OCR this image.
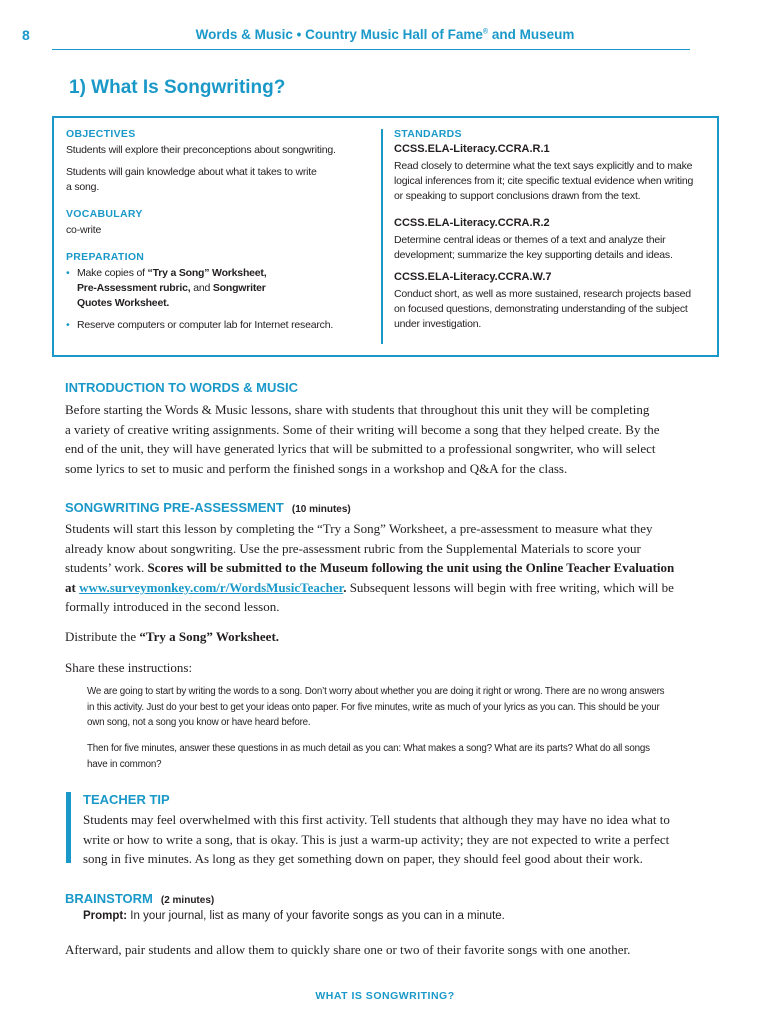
8	Words & Music • Country Music Hall of Fame® and Museum
1) What Is Songwriting?
OBJECTIVES
Students will explore their preconceptions about songwriting.
Students will gain knowledge about what it takes to write
a song.
VOCABULARY
co-write
PREPARATION
• Make copies of “Try a Song” Worksheet,
Pre-Assessment rubric, and Songwriter
Quotes Worksheet.
• Reserve computers or computer lab for Internet research.
STANDARDS
CCSS.ELA-Literacy.CCRA.R.1
Read closely to determine what the text says explicitly and to make
logical inferences from it; cite specific textual evidence when writing
or speaking to support conclusions drawn from the text.
CCSS.ELA-Literacy.CCRA.R.2
Determine central ideas or themes of a text and analyze their
development; summarize the key supporting details and ideas.
CCSS.ELA-Literacy.CCRA.W.7
Conduct short, as well as more sustained, research projects based
on focused questions, demonstrating understanding of the subject
under investigation.
INTRODUCTION TO WORDS & MUSIC
Before starting the Words & Music lessons, share with students that throughout this unit they will be completing
a variety of creative writing assignments. Some of their writing will become a song that they helped create. By the
end of the unit, they will have generated lyrics that will be submitted to a professional songwriter, who will select
some lyrics to set to music and perform the finished songs in a workshop and Q&A for the class.
SONGWRITING PRE-ASSESSMENT (10 minutes)
Students will start this lesson by completing the “Try a Song” Worksheet, a pre-assessment to measure what they
already know about songwriting. Use the pre-assessment rubric from the Supplemental Materials to score your
students’ work. Scores will be submitted to the Museum following the unit using the Online Teacher Evaluation
at www.surveymonkey.com/r/WordsMusicTeacher. Subsequent lessons will begin with free writing, which will be
formally introduced in the second lesson.
Distribute the “Try a Song” Worksheet.
Share these instructions:
We are going to start by writing the words to a song. Don’t worry about whether you are doing it right or wrong. There are no wrong answers
in this activity. Just do your best to get your ideas onto paper. For five minutes, write as much of your lyrics as you can. This should be your
own song, not a song you know or have heard before.
Then for five minutes, answer these questions in as much detail as you can: What makes a song? What are its parts? What do all songs
have in common?
TEACHER TIP
Students may feel overwhelmed with this first activity. Tell students that although they may have no idea what to
write or how to write a song, that is okay. This is just a warm-up activity; they are not expected to write a perfect
song in five minutes. As long as they get something down on paper, they should feel good about their work.
BRAINSTORM (2 minutes)
Prompt: In your journal, list as many of your favorite songs as you can in a minute.
Afterward, pair students and allow them to quickly share one or two of their favorite songs with one another.
WHAT IS SONGWRITING?
